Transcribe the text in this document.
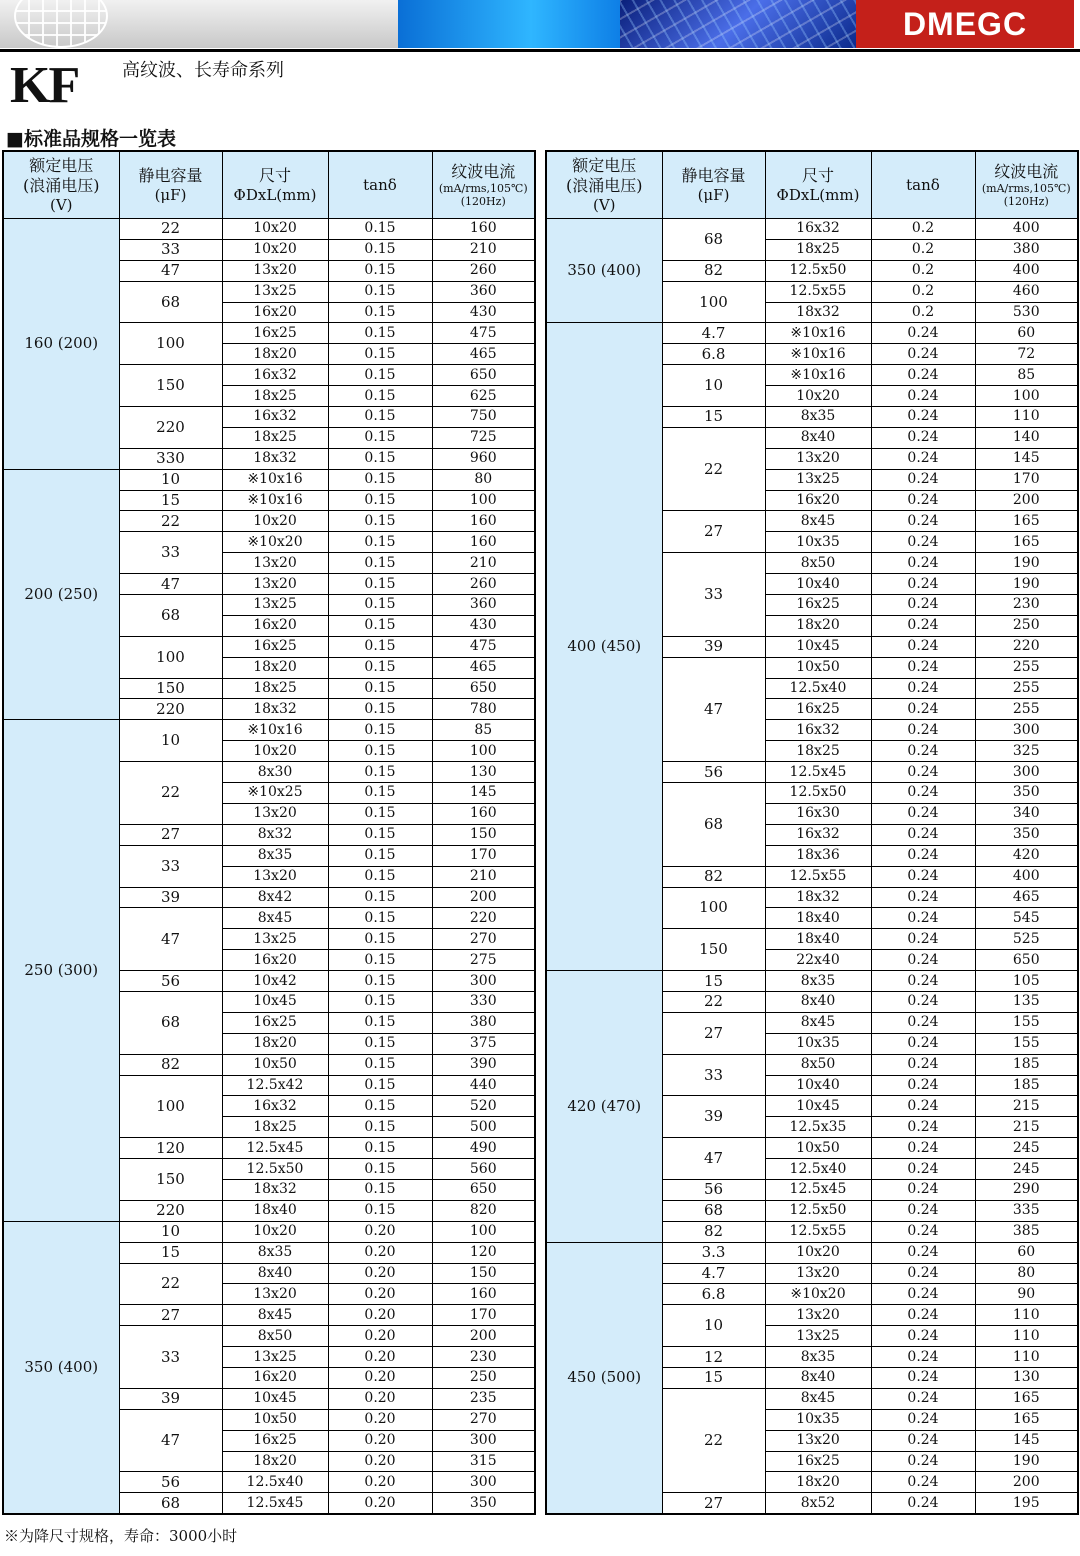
DMEGC
KF 高纹波、长寿命系列
■标准品规格一览表
额定电压
(浪涌电压)
(V)	静电容量
(μF)	尺寸
ΦDxL(mm)	tanδ	纹波电流
(mA/rms,105℃)
(120Hz)

160 (200)	22	10x20	0.15	160
	33	10x20	0.15	210
	47	13x20	0.15	260
	68	13x25	0.15	360
		16x20	0.15	430
	100	16x25	0.15	475
		18x20	0.15	465
	150	16x32	0.15	650
		18x25	0.15	625
	220	16x32	0.15	750
		18x25	0.15	725
	330	18x32	0.15	960
200 (250)	10	※10x16	0.15	80
	15	※10x16	0.15	100
	22	10x20	0.15	160
	33	※10x20	0.15	160
		13x20	0.15	210
	47	13x20	0.15	260
	68	13x25	0.15	360
		16x20	0.15	430
	100	16x25	0.15	475
		18x20	0.15	465
	150	18x25	0.15	650
	220	18x32	0.15	780
250 (300)	10	※10x16	0.15	85
		10x20	0.15	100
	22	8x30	0.15	130
		※10x25	0.15	145
		13x20	0.15	160
	27	8x32	0.15	150
	33	8x35	0.15	170
		13x20	0.15	210
	39	8x42	0.15	200
	47	8x45	0.15	220
		13x25	0.15	270
		16x20	0.15	275
	56	10x42	0.15	300
	68	10x45	0.15	330
		16x25	0.15	380
		18x20	0.15	375
	82	10x50	0.15	390
	100	12.5x42	0.15	440
		16x32	0.15	520
		18x25	0.15	500
	120	12.5x45	0.15	490
	150	12.5x50	0.15	560
		18x32	0.15	650
	220	18x40	0.15	820
350 (400)	10	10x20	0.20	100
	15	8x35	0.20	120
	22	8x40	0.20	150
		13x20	0.20	160
	27	8x45	0.20	170
	33	8x50	0.20	200
		13x25	0.20	230
		16x20	0.20	250
	39	10x45	0.20	235
	47	10x50	0.20	270
		16x25	0.20	300
		18x20	0.20	315
	56	12.5x40	0.20	300
	68	12.5x45	0.20	350
额定电压
(浪涌电压)
(V)	静电容量
(μF)	尺寸
ΦDxL(mm)	tanδ	纹波电流
(mA/rms,105℃)
(120Hz)

350 (400)	68	16x32	0.2	400
		18x25	0.2	380
	82	12.5x50	0.2	400
	100	12.5x55	0.2	460
		18x32	0.2	530
400 (450)	4.7	※10x16	0.24	60
	6.8	※10x16	0.24	72
	10	※10x16	0.24	85
		10x20	0.24	100
	15	8x35	0.24	110
	22	8x40	0.24	140
		13x20	0.24	145
		13x25	0.24	170
		16x20	0.24	200
	27	8x45	0.24	165
		10x35	0.24	165
	33	8x50	0.24	190
		10x40	0.24	190
		16x25	0.24	230
		18x20	0.24	250
	39	10x45	0.24	220
	47	10x50	0.24	255
		12.5x40	0.24	255
		16x25	0.24	255
		16x32	0.24	300
		18x25	0.24	325
	56	12.5x45	0.24	300
	68	12.5x50	0.24	350
		16x30	0.24	340
		16x32	0.24	350
		18x36	0.24	420
	82	12.5x55	0.24	400
	100	18x32	0.24	465
		18x40	0.24	545
	150	18x40	0.24	525
		22x40	0.24	650
420 (470)	15	8x35	0.24	105
	22	8x40	0.24	135
	27	8x45	0.24	155
		10x35	0.24	155
	33	8x50	0.24	185
		10x40	0.24	185
	39	10x45	0.24	215
		12.5x35	0.24	215
	47	10x50	0.24	245
		12.5x40	0.24	245
	56	12.5x45	0.24	290
	68	12.5x50	0.24	335
	82	12.5x55	0.24	385
450 (500)	3.3	10x20	0.24	60
	4.7	13x20	0.24	80
	6.8	※10x20	0.24	90
	10	13x20	0.24	110
		13x25	0.24	110
	12	8x35	0.24	110
	15	8x40	0.24	130
	22	8x45	0.24	165
		10x35	0.24	165
		13x20	0.24	145
		16x25	0.24	190
		18x20	0.24	200
	27	8x52	0.24	195
※为降尺寸规格，寿命：3000小时
